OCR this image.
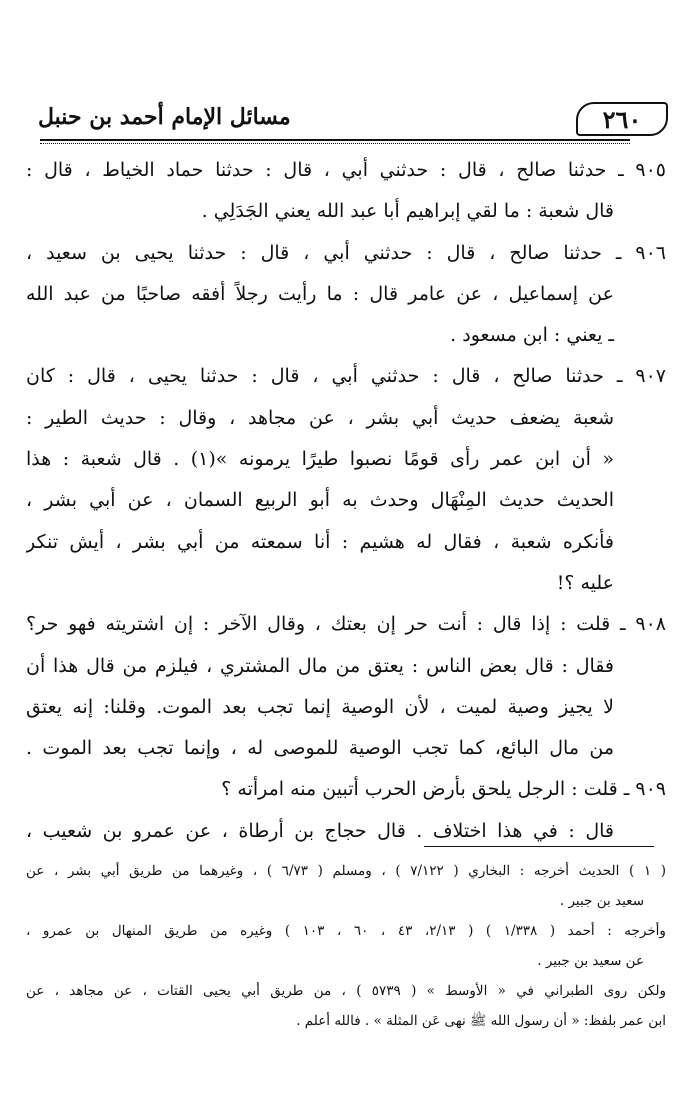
٢٦٠
مسائل الإمام أحمد بن حنبل
٩٠٥ ـ حدثنا صالح ، قال : حدثني أبي ، قال : حدثنا حماد الخياط ، قال :
قال شعبة : ما لقي إبراهيم أبا عبد الله يعني الجَدَلِي .
٩٠٦ ـ حدثنا صالح ، قال : حدثني أبي ، قال : حدثنا يحيى بن سعيد ،
عن إسماعيل ، عن عامر قال : ما رأيت رجلاً أفقه صاحبًا من عبد الله
ـ يعني : ابن مسعود .
٩٠٧ ـ حدثنا صالح ، قال : حدثني أبي ، قال : حدثنا يحيى ، قال : كان
شعبة يضعف حديث أبي بشر ، عن مجاهد ، وقال : حديث الطير :
« أن ابن عمر رأى قومًا نصبوا طيرًا يرمونه »(١) . قال شعبة : هذا
الحديث حديث المِنْهَال وحدث به أبو الربيع السمان ، عن أبي بشر ،
فأنكره شعبة ، فقال له هشيم : أنا سمعته من أبي بشر ، أيش تنكر
عليه ؟!
٩٠٨ ـ قلت : إذا قال : أنت حر إن بعتك ، وقال الآخر : إن اشتريته فهو حر؟
فقال : قال بعض الناس : يعتق من مال المشتري ، فيلزم من قال هذا أن
لا يجيز وصية لميت ، لأن الوصية إنما تجب بعد الموت. وقلنا: إنه يعتق
من مال البائع، كما تجب الوصية للموصى له ، وإنما تجب بعد الموت .
٩٠٩ ـ قلت : الرجل يلحق بأرض الحرب أتبين منه امرأته ؟
قال : في هذا اختلاف . قال حجاج بن أرطاة ، عن عمرو بن شعيب ،
( ١ ) الحديث أخرجه : البخاري ( ٧/١٢٢ ) ، ومسلم ( ٦/٧٣ ) ، وغيرهما من طريق أبي بشر ، عن
سعيد بن جبير .
وأخرجه : أحمد ( ١/٣٣٨ ) ( ٢/١٣، ٤٣ ، ٦٠ ، ١٠٣ ) وغيره من طريق المنهال بن عمرو ،
عن سعيد بن جبير .
ولكن روى الطبراني في « الأوسط » ( ٥٧٣٩ ) ، من طريق أبي يحيى القتات ، عن مجاهد ، عن
ابن عمر بلفظ: « أن رسول الله ﷺ نهى عَن المثلة » . فالله أعلم .
